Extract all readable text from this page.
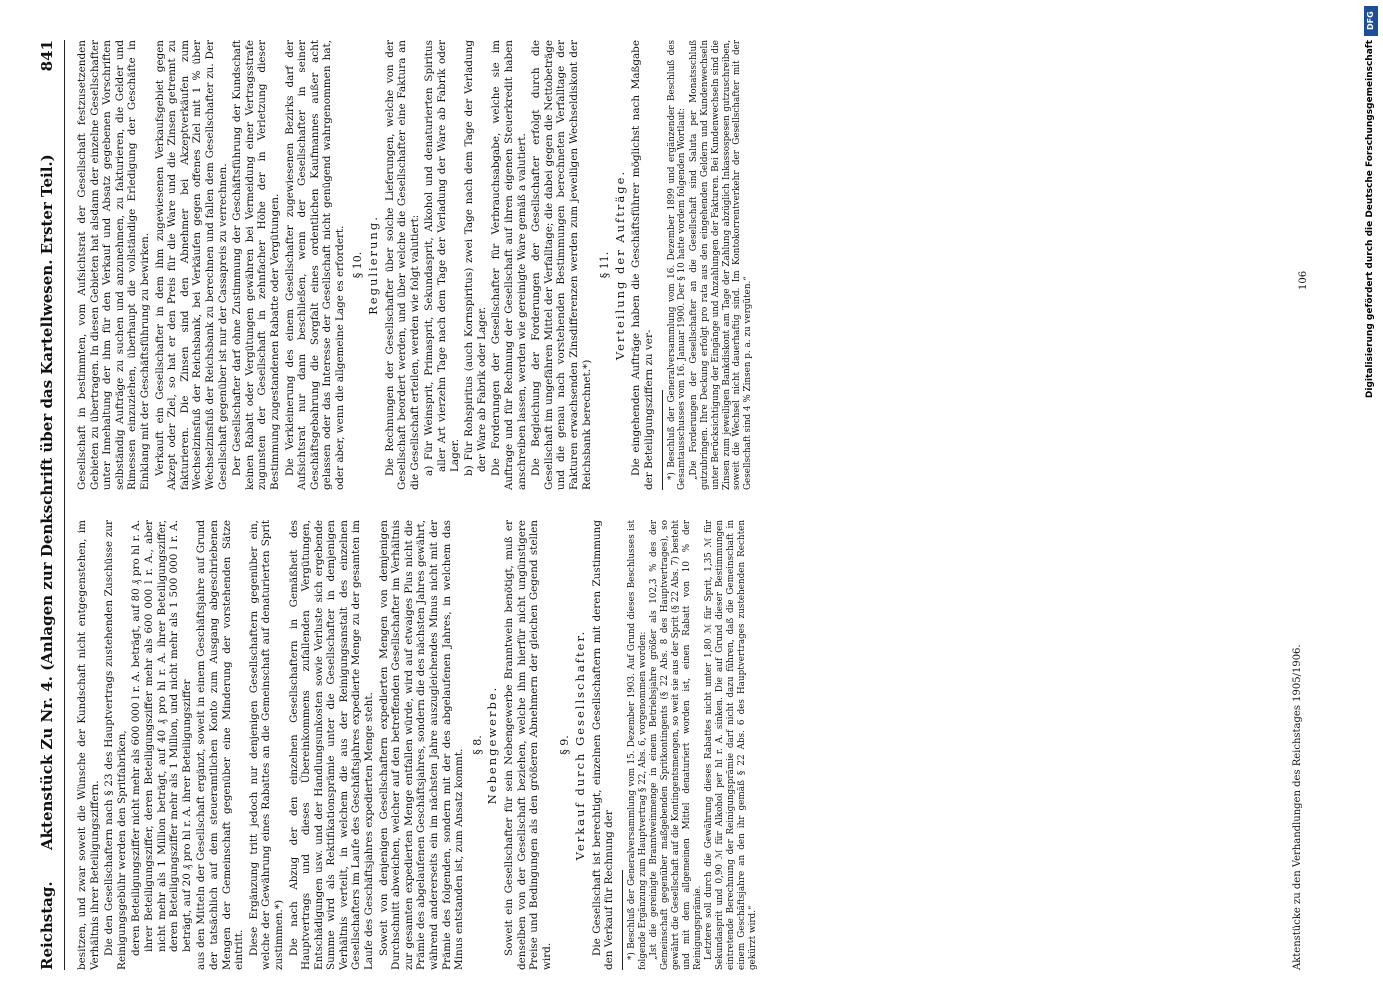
Reichstag.
Aktenstück Zu Nr. 4. (Anlagen zur Denkschrift über das Kartellwesen. Erster Teil.)
841

besitzen, und zwar soweit die Wünsche der Kundschaft nicht entgegenstehen, im Verhältnis ihrer Beteiligungsziffern. Die den Gesellschaftern nach § 23 des Hauptvertrags zustehenden Zuschüsse zur Reinigungsgebühr werden den Spritfabriken, deren Beteiligungsziffer nicht mehr als 600 000 l r. A. beträgt, auf 80 ₰ pro hl r. A. ihrer Beteiligungsziffer, deren Beteiligungsziffer mehr als 600 000 l r. A., aber nicht mehr als 1 Million beträgt, auf 40 ₰ pro hl r. A. ihrer Beteiligungsziffer, deren Beteiligungsziffer mehr als 1 Million, und nicht mehr als 1 500 000 l r. A. beträgt, auf 20 ₰ pro hl r. A. ihrer Beteiligungsziffer aus den Mitteln der Gesellschaft ergänzt, soweit in einem Geschäftsjahre auf Grund der tatsächlich auf dem steueramtlichen Konto zum Ausgang abgeschriebenen Mengen der Gemeinschaft gegenüber eine Minderung der vorstehenden Sätze eintritt. Diese Ergänzung tritt jedoch nur denjenigen Gesellschaftern gegenüber ein, welche der Gewährung eines Rabattes an die Gemeinschaft auf denaturierten Sprit zustimmen.*) Die nach Abzug der den einzelnen Gesellschaftern in Gemäßheit des Hauptvertrags und dieses Übereinkommens zufallenden Vergütungen, Entschädigungen usw. und der Handlungsunkosten sowie Verluste sich ergebende Summe wird als Rektifikationsprämie unter die Gesellschafter in demjenigen Verhältnis verteilt, in welchem die aus der Reinigungsanstalt des einzelnen Gesellschafters im Laufe des Geschäftsjahres expedierte Menge zu der gesamten im Laufe des Geschäftsjahres expedierten Menge steht. Soweit von denjenigen Gesellschaftern expedierten Mengen von demjenigen Durchschnitt abweichen, welcher auf den betreffenden Gesellschafter im Verhältnis zur gesamten expedierten Menge entfallen würde, wird auf etwaiges Plus nicht die Prämie des abgelaufenen Geschäftsjahres, sondern die des nächsten Jahres gewährt, während andererseits ein im nächsten Jahre auszugleichendes Minus nicht mit der Prämie des folgenden, sondern mit der des abgelaufenen Jahres, in welchem das Minus entstanden ist, zum Ansatz kommt.

§ 8. Nebengewerbe. Soweit ein Gesellschafter für sein Nebengewerbe Branntwein benötigt, muß er denselben von der Gesellschaft beziehen, welche ihm hierfür nicht ungünstigere Preise und Bedingungen als den größeren Abnehmern der gleichen Gegend stellen wird.

§ 9. Verkauf durch Gesellschafter. Die Gesellschaft ist berechtigt, einzelnen Gesellschaftern mit deren Zustimmung den Verkauf für Rechnung der *) Beschluß der Generalversammlung vom 15. Dezember 1903. Auf Grund dieses Beschlusses ist folgende Ergänzung zum Hauptvertrag § 22, Abs. 6, vorgenommen worden: „Ist die gereinigte Branntweinmenge in einem Betriebsjahre größer als 102,3 % des der Gemeinschaft gegenüber maßgebenden Spritkontingents (§ 22 Abs. 8 des Hauptvertrages), so gewährt die Gesellschaft auf die Kontingentsmengen, so weit sie aus der Sprit (§ 22 Abs. 7) besteht und mit dem allgemeinen Mittel denaturiert worden ist, einen Rabatt von 10 % der Reinigungsprämie. Letztere soll durch die Gewährung dieses Rabattes nicht unter 1,80 ℳ für Sprit, 1,35 ℳ für Sekundasprit und 0,90 ℳ für Alkohol per hl r. A. sinken. Die auf Grund dieser Bestimmungen eintretende Berechnung der Reinigungsprämie darf nicht dazu führen, daß die Gemeinschaft in einem Geschäftsjahre an den ihr gemäß § 22 Abs. 6 des Hauptvertrages zustehenden Rechten gekürzt wird.“

Gesellschaft in bestimmten, vom Aufsichtsrat der Gesellschaft festzusetzenden Gebieten zu übertragen. In diesen Gebieten hat alsdann der einzelne Gesellschafter unter Innehaltung der ihm für den Verkauf und Absatz gegebenen Vorschriften selbständig Aufträge zu suchen und anzunehmen, zu fakturieren, die Gelder und Rimessen einzuziehen, überhaupt die vollständige Erledigung der Geschäfte in Einklang mit der Geschäftsführung zu bewirken. Verkauft ein Gesellschafter in dem ihm zugewiesenen Verkaufsgebiet gegen Akzept oder Ziel, so hat er den Preis für die Ware und die Zinsen getrennt zu fakturieren. Die Zinsen sind den Abnehmer bei Akzeptverkäufen zum Wechselzinsfuß der Reichsbank, bei Verkäufen gegen offenes Ziel mit 1 % über Wechselzinsfuß der Reichsbank zu berechnen und fallen dem Gesellschafter zu. Der Gesellschaft gegenüber ist nur der Cassapreis zu verrechnen. Der Gesellschafter darf ohne Zustimmung der Geschäftsführung der Kundschaft keinen Rabatt oder Vergütungen gewähren bei Vermeidung einer Vertragsstrafe zugunsten der Gesellschaft in zehnfacher Höhe der in Verletzung dieser Bestimmung zugestandenen Rabatte oder Vergütungen. Die Verkleinerung des einem Gesellschafter zugewiesenen Bezirks darf der Aufsichtsrat nur dann beschließen, wenn der Gesellschafter in seiner Geschäftsgebahrung die Sorgfalt eines ordentlichen Kaufmannes außer acht gelassen oder das Interesse der Gesellschaft nicht genügend wahrgenommen hat, oder aber, wenn die allgemeine Lage es erfordert. § 10. Regulierung. Die Rechnungen der Gesellschafter über solche Lieferungen, welche von der Gesellschaft beordert werden, und über welche die Gesellschafter eine Faktura an die Gesellschaft erteilen, werden wie folgt valutiert: a) Für Weinsprit, Primasprit, Sekundasprit, Alkohol und denaturierten Spiritus aller Art vierzehn Tage nach dem Tage der Verladung der Ware ab Fabrik oder Lager. b) Für Rohspiritus (auch Kornspiritus) zwei Tage nach dem Tage der Verladung der Ware ab Fabrik oder Lager. Die Forderungen der Gesellschafter für Verbrauchsabgabe, welche sie im Auftrage und für Rechnung der Gesellschaft auf ihren eigenen Steuerkredit haben anschreiben lassen, werden wie gereinigte Ware gemäß a valutiert. Die Begleichung der Forderungen der Gesellschafter erfolgt durch die Gesellschaft im ungefähren Mittel der Verfalltage; die dabei gegen die Nettobeträge und die genau nach vorstehenden Bestimmungen berechneten Verfalltage der Fakturen erwachsenden Zinsdifferenzen werden zum jeweiligen Wechseldiskont der Reichsbank berechnet.*)

§ 11. Verteilung der Aufträge. Die eingehenden Aufträge haben die Geschäftsführer möglichst nach Maßgabe der Beteiligungsziffern zu ver- *) Beschluß der Generalversammlung vom 16. Dezember 1899 und ergänzender Beschluß des Gesamtausschusses vom 16. Januar 1900. Der § 10 hatte vordem folgenden Wortlaut: „Die Forderungen der Gesellschafter an die Gesellschaft sind Saluta per Monatsschluß gutzubringen. Ihre Deckung erfolgt pro rata aus den eingehenden Geldern und Kundenwechseln unter Berücksichtigung der Eingänge und Anzahlungen der Fakturen. Bei Kundenwechseln sind die Zinsen zum jeweiligen Bankdiskont am Tage der Zahlung abzüglich Inkassospesen gutzuschreiben, soweit die Wechsel nicht dauerhaftig sind. Im Kontokorrentverkehr der Gesellschafter mit der Gesellschaft sind 4 % Zinsen p. a. zu vergüten.“

Aktenstücke zu den Verhandlungen des Reichstages 1905/1906.
106
DFG
Digitalisierung gefördert durch die Deutsche Forschungsgemeinschaft
